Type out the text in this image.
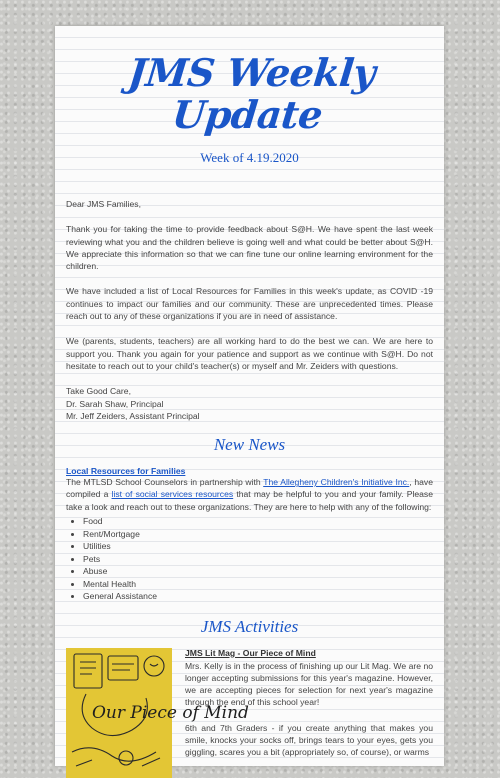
JMS Weekly Update
Week of 4.19.2020

Dear JMS Families,

Thank you for taking the time to provide feedback about S@H. We have spent the last week reviewing what you and the children believe is going well and what could be better about S@H. We appreciate this information so that we can fine tune our online learning environment for the children.

We have included a list of Local Resources for Families in this week's update, as COVID -19 continues to impact our families and our community. These are unprecedented times. Please reach out to any of these organizations if you are in need of assistance.

We (parents, students, teachers) are all working hard to do the best we can. We are here to support you. Thank you again for your patience and support as we continue with S@H. Do not hesitate to reach out to your child's teacher(s) or myself and Mr. Zeiders with questions.

Take Good Care,
Dr. Sarah Shaw, Principal
Mr. Jeff Zeiders, Assistant Principal

New News
Local Resources for Families

The MTLSD School Counselors in partnership with The Allegheny Children's Initiative Inc., have compiled a list of social services resources that may be helpful to you and your family. Please take a look and reach out to these organizations. They are here to help with any of the following:

• Food
• Rent/Mortgage
• Utilities
• Pets
• Abuse
• Mental Health
• General Assistance
JMS Activities
Our Piece of Mind
JMS Lit Mag - Our Piece of Mind

Mrs. Kelly is in the process of finishing up our Lit Mag. We are no longer accepting submissions for this year's magazine. However, we are accepting pieces for selection for next year's magazine through the end of this school year!

6th and 7th Graders - if you create anything that makes you smile, knocks your socks off, brings tears to your eyes, gets you giggling, scares you a bit (appropriately so, of course), or warms
